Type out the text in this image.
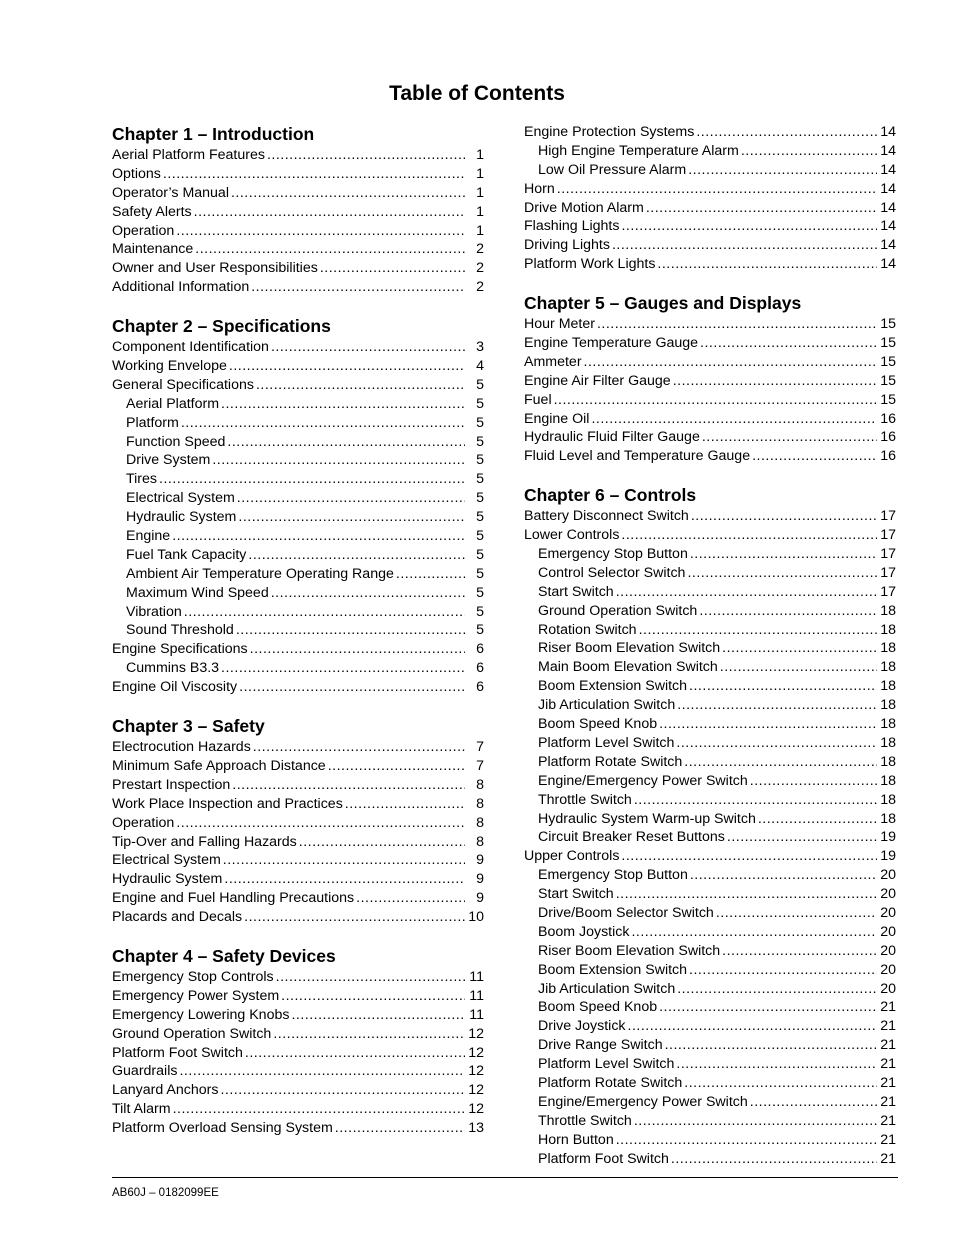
Table of Contents
Chapter 1 – Introduction
Aerial Platform Features .....	1
Options .....	1
Operator’s Manual .....	1
Safety Alerts .....	1
Operation .....	1
Maintenance .....	2
Owner and User Responsibilities .....	2
Additional Information .....	2
Chapter 2 – Specifications
Component Identification .....	3
Working Envelope .....	4
General Specifications .....	5
Aerial Platform .....	5
Platform .....	5
Function Speed .....	5
Drive System .....	5
Tires .....	5
Electrical System .....	5
Hydraulic System .....	5
Engine .....	5
Fuel Tank Capacity .....	5
Ambient Air Temperature Operating Range .....	5
Maximum Wind Speed .....	5
Vibration .....	5
Sound Threshold .....	5
Engine Specifications .....	6
Cummins B3.3 .....	6
Engine Oil Viscosity .....	6
Chapter 3 – Safety
Electrocution Hazards .....	7
Minimum Safe Approach Distance .....	7
Prestart Inspection .....	8
Work Place Inspection and Practices .....	8
Operation .....	8
Tip-Over and Falling Hazards .....	8
Electrical System .....	9
Hydraulic System .....	9
Engine and Fuel Handling Precautions .....	9
Placards and Decals .....	10
Chapter 4 – Safety Devices
Emergency Stop Controls .....	11
Emergency Power System .....	11
Emergency Lowering Knobs .....	11
Ground Operation Switch .....	12
Platform Foot Switch .....	12
Guardrails .....	12
Lanyard Anchors .....	12
Tilt Alarm .....	12
Platform Overload Sensing System .....	13
Engine Protection Systems .....	14
High Engine Temperature Alarm .....	14
Low Oil Pressure Alarm .....	14
Horn .....	14
Drive Motion Alarm .....	14
Flashing Lights .....	14
Driving Lights .....	14
Platform Work Lights .....	14
Chapter 5 – Gauges and Displays
Hour Meter .....	15
Engine Temperature Gauge .....	15
Ammeter .....	15
Engine Air Filter Gauge .....	15
Fuel .....	15
Engine Oil .....	16
Hydraulic Fluid Filter Gauge .....	16
Fluid Level and Temperature Gauge .....	16
Chapter 6 – Controls
Battery Disconnect Switch .....	17
Lower Controls .....	17
Emergency Stop Button .....	17
Control Selector Switch .....	17
Start Switch .....	17
Ground Operation Switch .....	18
Rotation Switch .....	18
Riser Boom Elevation Switch .....	18
Main Boom Elevation Switch .....	18
Boom Extension Switch .....	18
Jib Articulation Switch .....	18
Boom Speed Knob .....	18
Platform Level Switch .....	18
Platform Rotate Switch .....	18
Engine/Emergency Power Switch .....	18
Throttle Switch .....	18
Hydraulic System Warm-up Switch .....	18
Circuit Breaker Reset Buttons .....	19
Upper Controls .....	19
Emergency Stop Button .....	20
Start Switch .....	20
Drive/Boom Selector Switch .....	20
Boom Joystick .....	20
Riser Boom Elevation Switch .....	20
Boom Extension Switch .....	20
Jib Articulation Switch .....	20
Boom Speed Knob .....	21
Drive Joystick .....	21
Drive Range Switch .....	21
Platform Level Switch .....	21
Platform Rotate Switch .....	21
Engine/Emergency Power Switch .....	21
Throttle Switch .....	21
Horn Button .....	21
Platform Foot Switch .....	21
AB60J – 0182099EE
